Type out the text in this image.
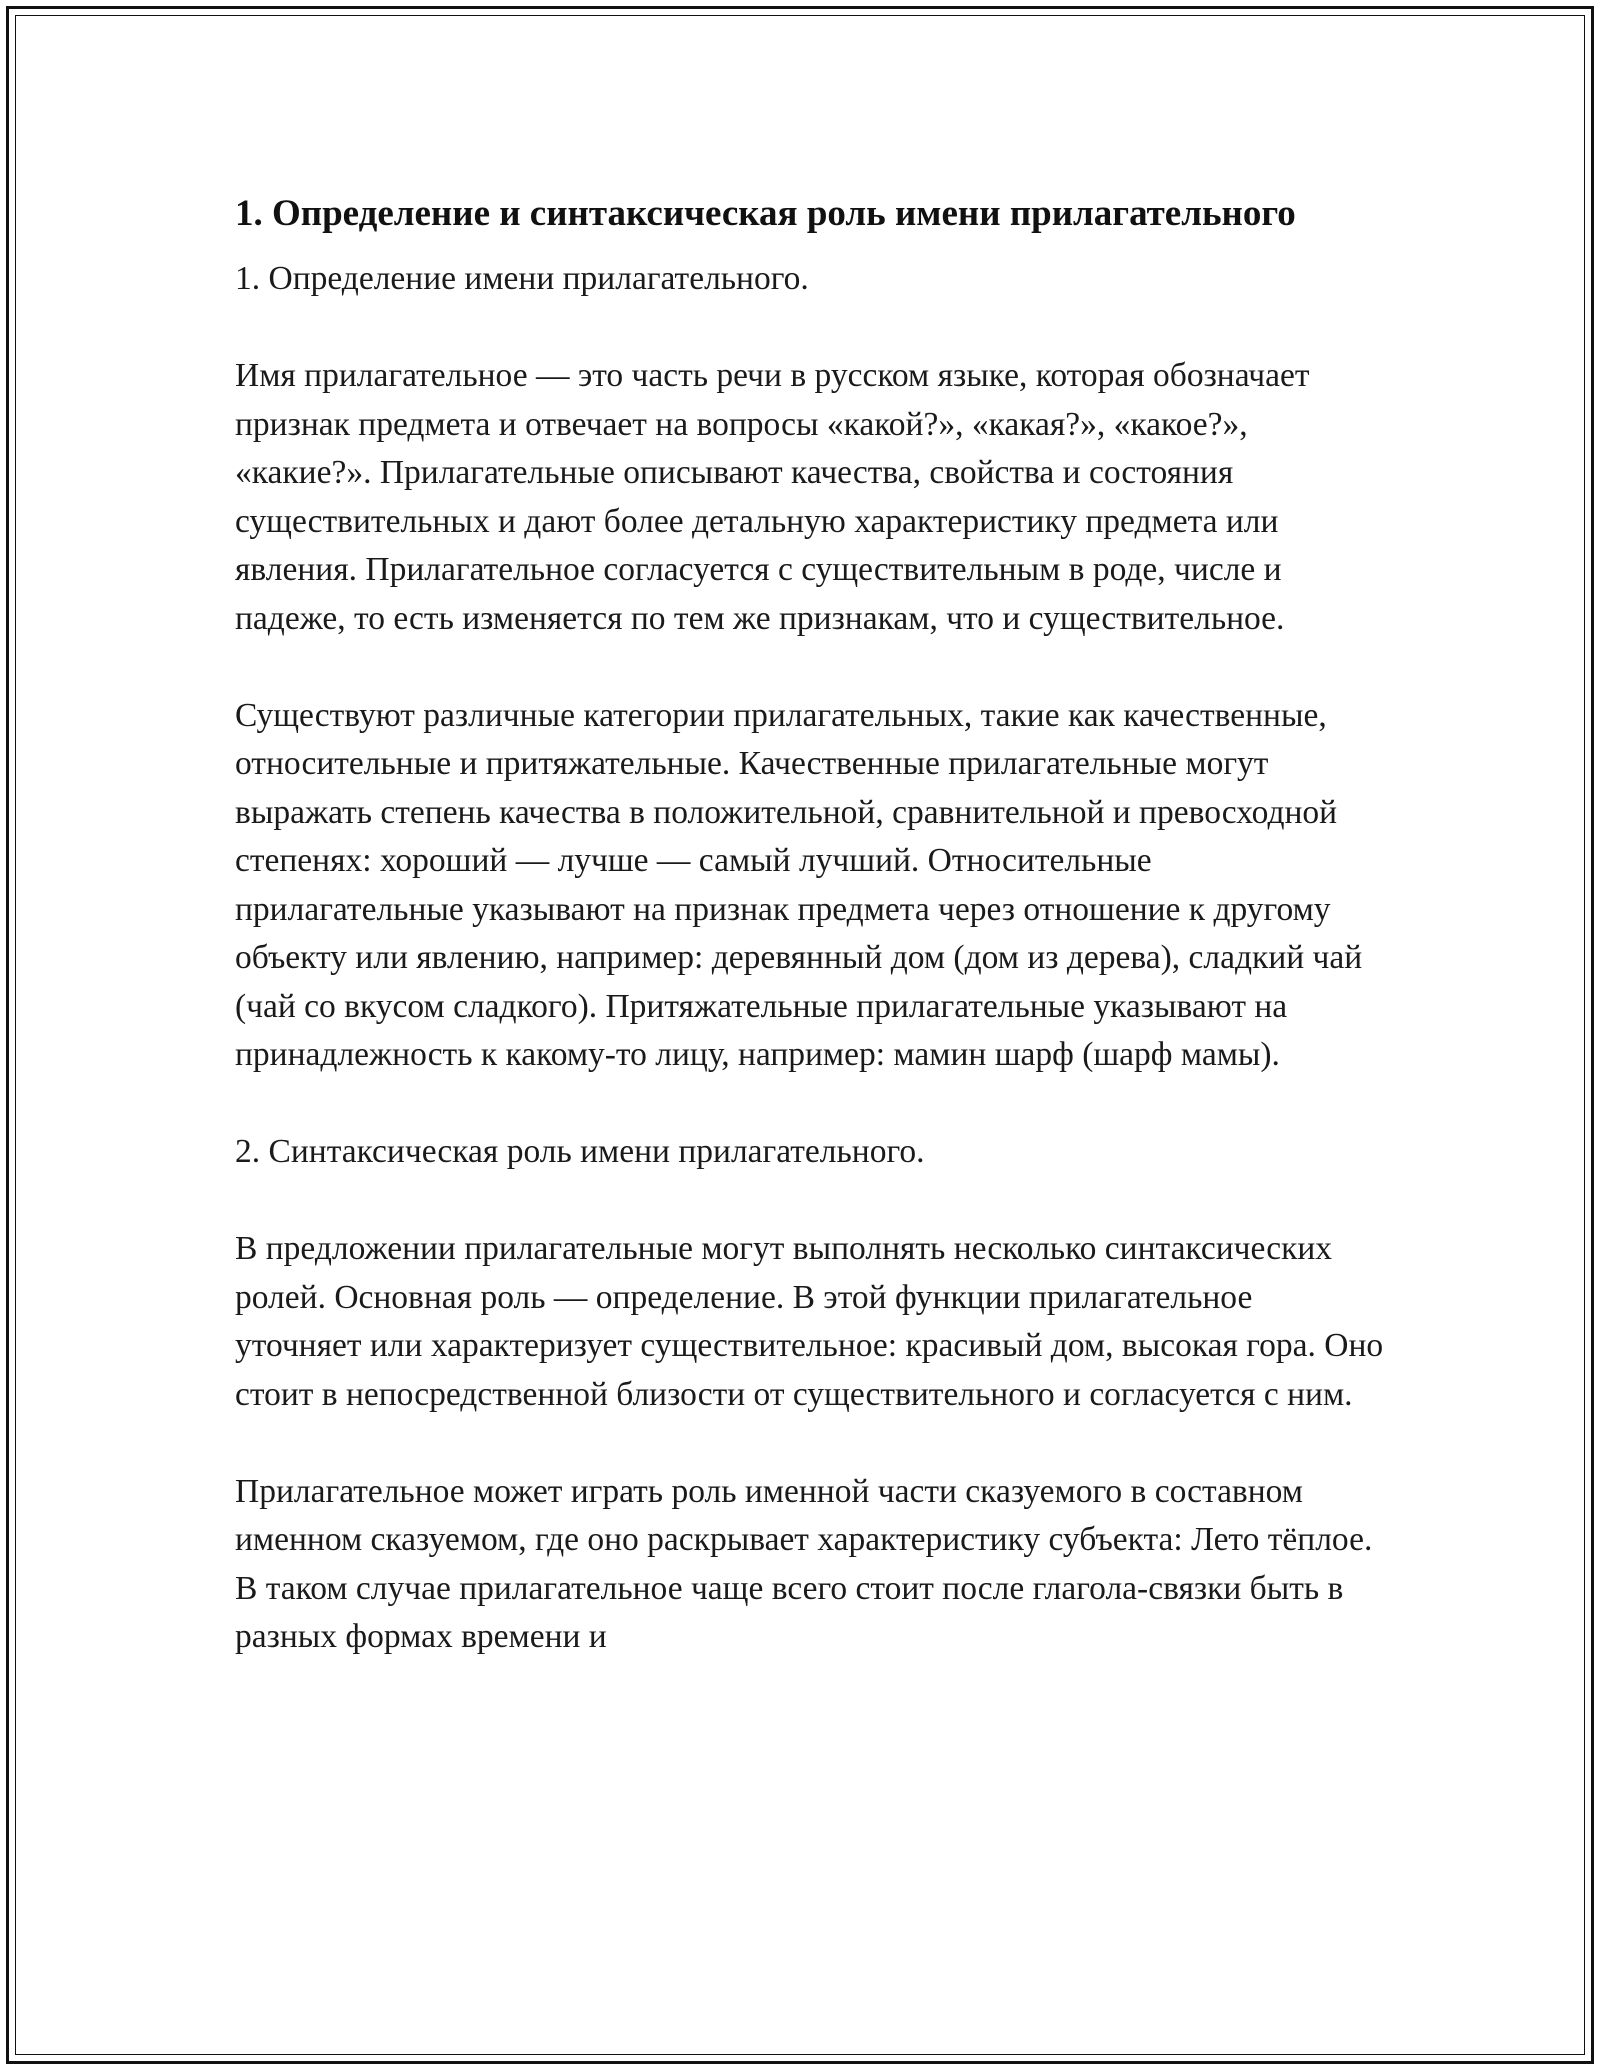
1. Определение и синтаксическая роль имени прилагательного

1. Определение имени прилагательного.

Имя прилагательное — это часть речи в русском языке, которая обозначает признак предмета и отвечает на вопросы «какой?», «какая?», «какое?», «какие?». Прилагательные описывают качества, свойства и состояния существительных и дают более детальную характеристику предмета или явления. Прилагательное согласуется с существительным в роде, числе и падеже, то есть изменяется по тем же признакам, что и существительное.

Существуют различные категории прилагательных, такие как качественные, относительные и притяжательные. Качественные прилагательные могут выражать степень качества в положительной, сравнительной и превосходной степенях: хороший — лучше — самый лучший. Относительные прилагательные указывают на признак предмета через отношение к другому объекту или явлению, например: деревянный дом (дом из дерева), сладкий чай (чай со вкусом сладкого). Притяжательные прилагательные указывают на принадлежность к какому-то лицу, например: мамин шарф (шарф мамы).

2. Синтаксическая роль имени прилагательного.

В предложении прилагательные могут выполнять несколько синтаксических ролей. Основная роль — определение. В этой функции прилагательное уточняет или характеризует существительное: красивый дом, высокая гора. Оно стоит в непосредственной близости от существительного и согласуется с ним.

Прилагательное может играть роль именной части сказуемого в составном именном сказуемом, где оно раскрывает характеристику субъекта: Лето тёплое. В таком случае прилагательное чаще всего стоит после глагола-связки быть в разных формах времени и
